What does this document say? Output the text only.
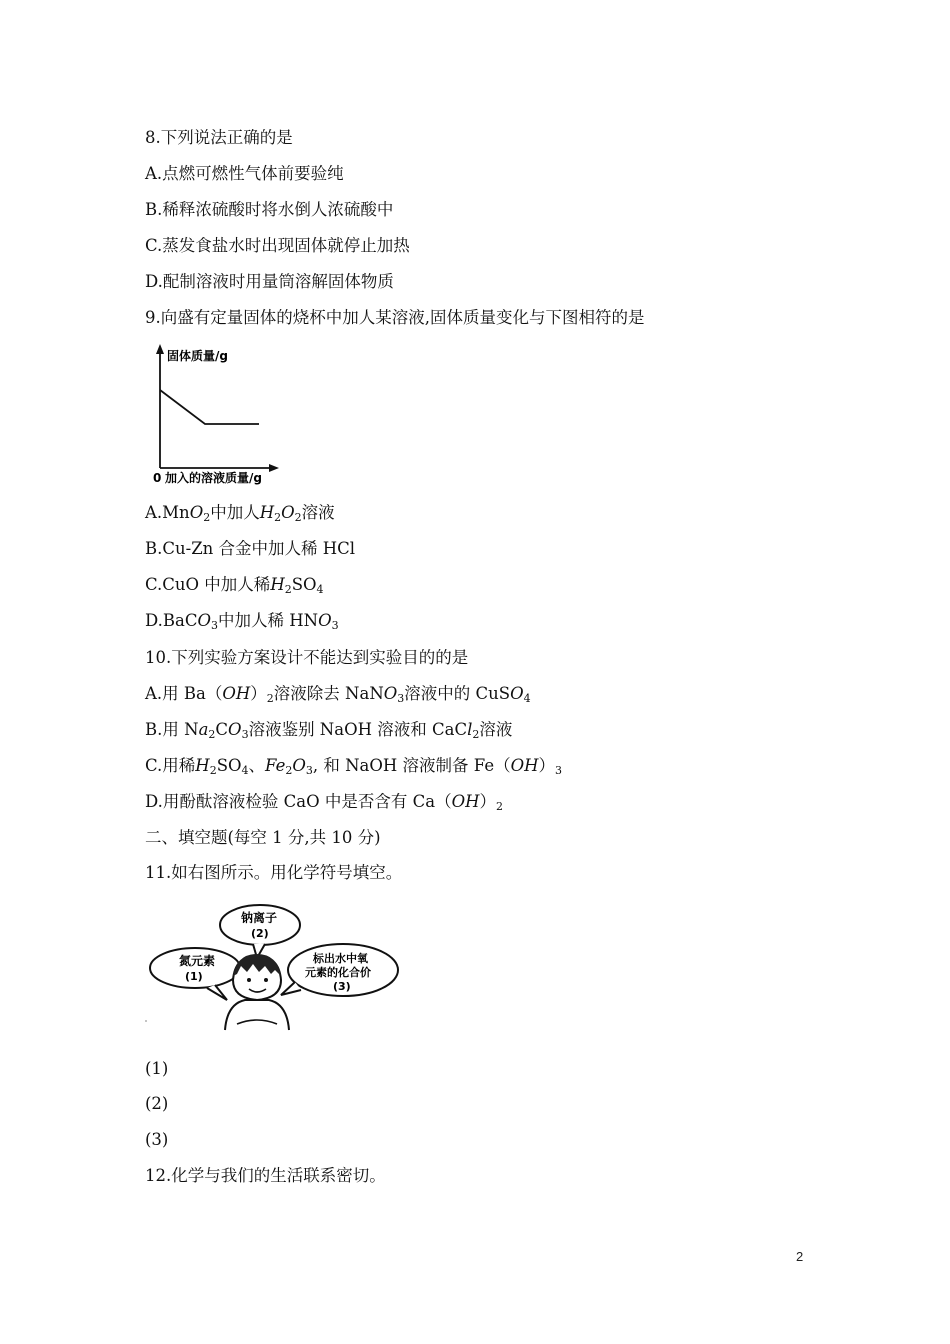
8.下列说法正确的是
A.点燃可燃性气体前要验纯
B.稀释浓硫酸时将水倒人浓硫酸中
C.蒸发食盐水时出现固体就停止加热
D.配制溶液时用量筒溶解固体物质
9.向盛有定量固体的烧杯中加人某溶液,固体质量变化与下图相符的是
固体质量/g
0 加入的溶液质量/g
A.MnO$_2$中加人$H_2O_2$溶液
B.Cu-Zn 合金中加人稀 HCl
C.CuO 中加人稀$H_2SO_4$
D.BaCO$_3$中加人稀 $HNO_3$
10.下列实验方案设计不能达到实验目的的是
A.用 $Ba(OH)_2$溶液除去 NaNO$_3$溶液中的 CuSO$_4$
B.用 $Na_2CO_3$溶液鉴别 NaOH 溶液和 CaCl$_2$溶液
C.用稀$H_2SO_4$、$Fe_2O_3$, 和 NaOH 溶液制备 $Fe(OH)_3$
D.用酚酞溶液检验 CaO 中是否含有 $Ca(OH)_2$
二、填空题(每空 1 分,共 10 分)
11.如右图所示。用化学符号填空。
氮元素
(1)
钠离子
(2)
标出水中氧
元素的化合价
(3)
(1)
(2)
(3)
12.化学与我们的生活联系密切。
2
